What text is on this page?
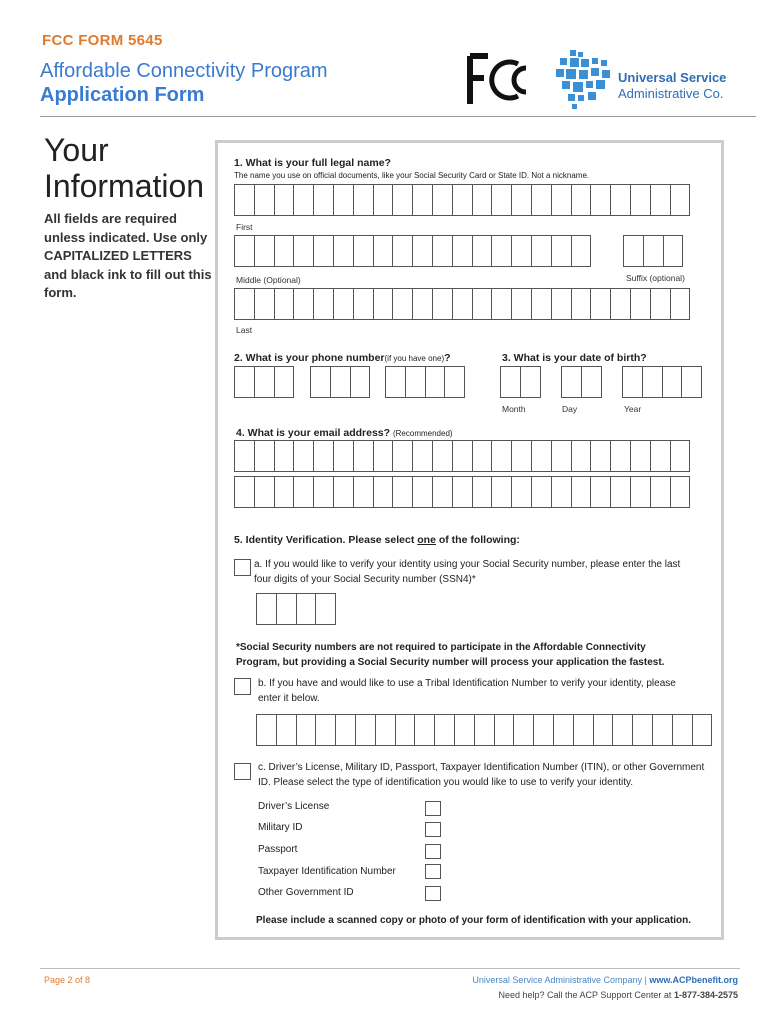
FCC FORM 5645
Affordable Connectivity Program
Application Form
Universal Service
Administrative Co.
Your
Information
All fields are required unless indicated. Use only CAPITALIZED LETTERS and black ink to fill out this form.
1. What is your full legal name?
The name you use on official documents, like your Social Security Card or State ID. Not a nickname.
First
Middle (Optional)	Suffix (optional)
Last
2. What is your phone number(if you have one)?	3. What is your date of birth?
Month	Day	Year
4. What is your email address? (Recommended)
5. Identity Verification. Please select one of the following:
a. If you would like to verify your identity using your Social Security number, please enter the last four digits of your Social Security number (SSN4)*
*Social Security numbers are not required to participate in the Affordable Connectivity Program, but providing a Social Security number will process your application the fastest.
b. If you have and would like to use a Tribal Identification Number to verify your identity, please enter it below.
c. Driver’s License, Military ID, Passport, Taxpayer Identification Number (ITIN), or other Government ID. Please select the type of identification you would like to use to verify your identity.
Driver’s License
Military ID
Passport
Taxpayer Identification Number
Other Government ID
Please include a scanned copy or photo of your form of identification with your application.
Page 2 of 8	Universal Service Administrative Company | www.ACPbenefit.org
Need help? Call the ACP Support Center at 1-877-384-2575
